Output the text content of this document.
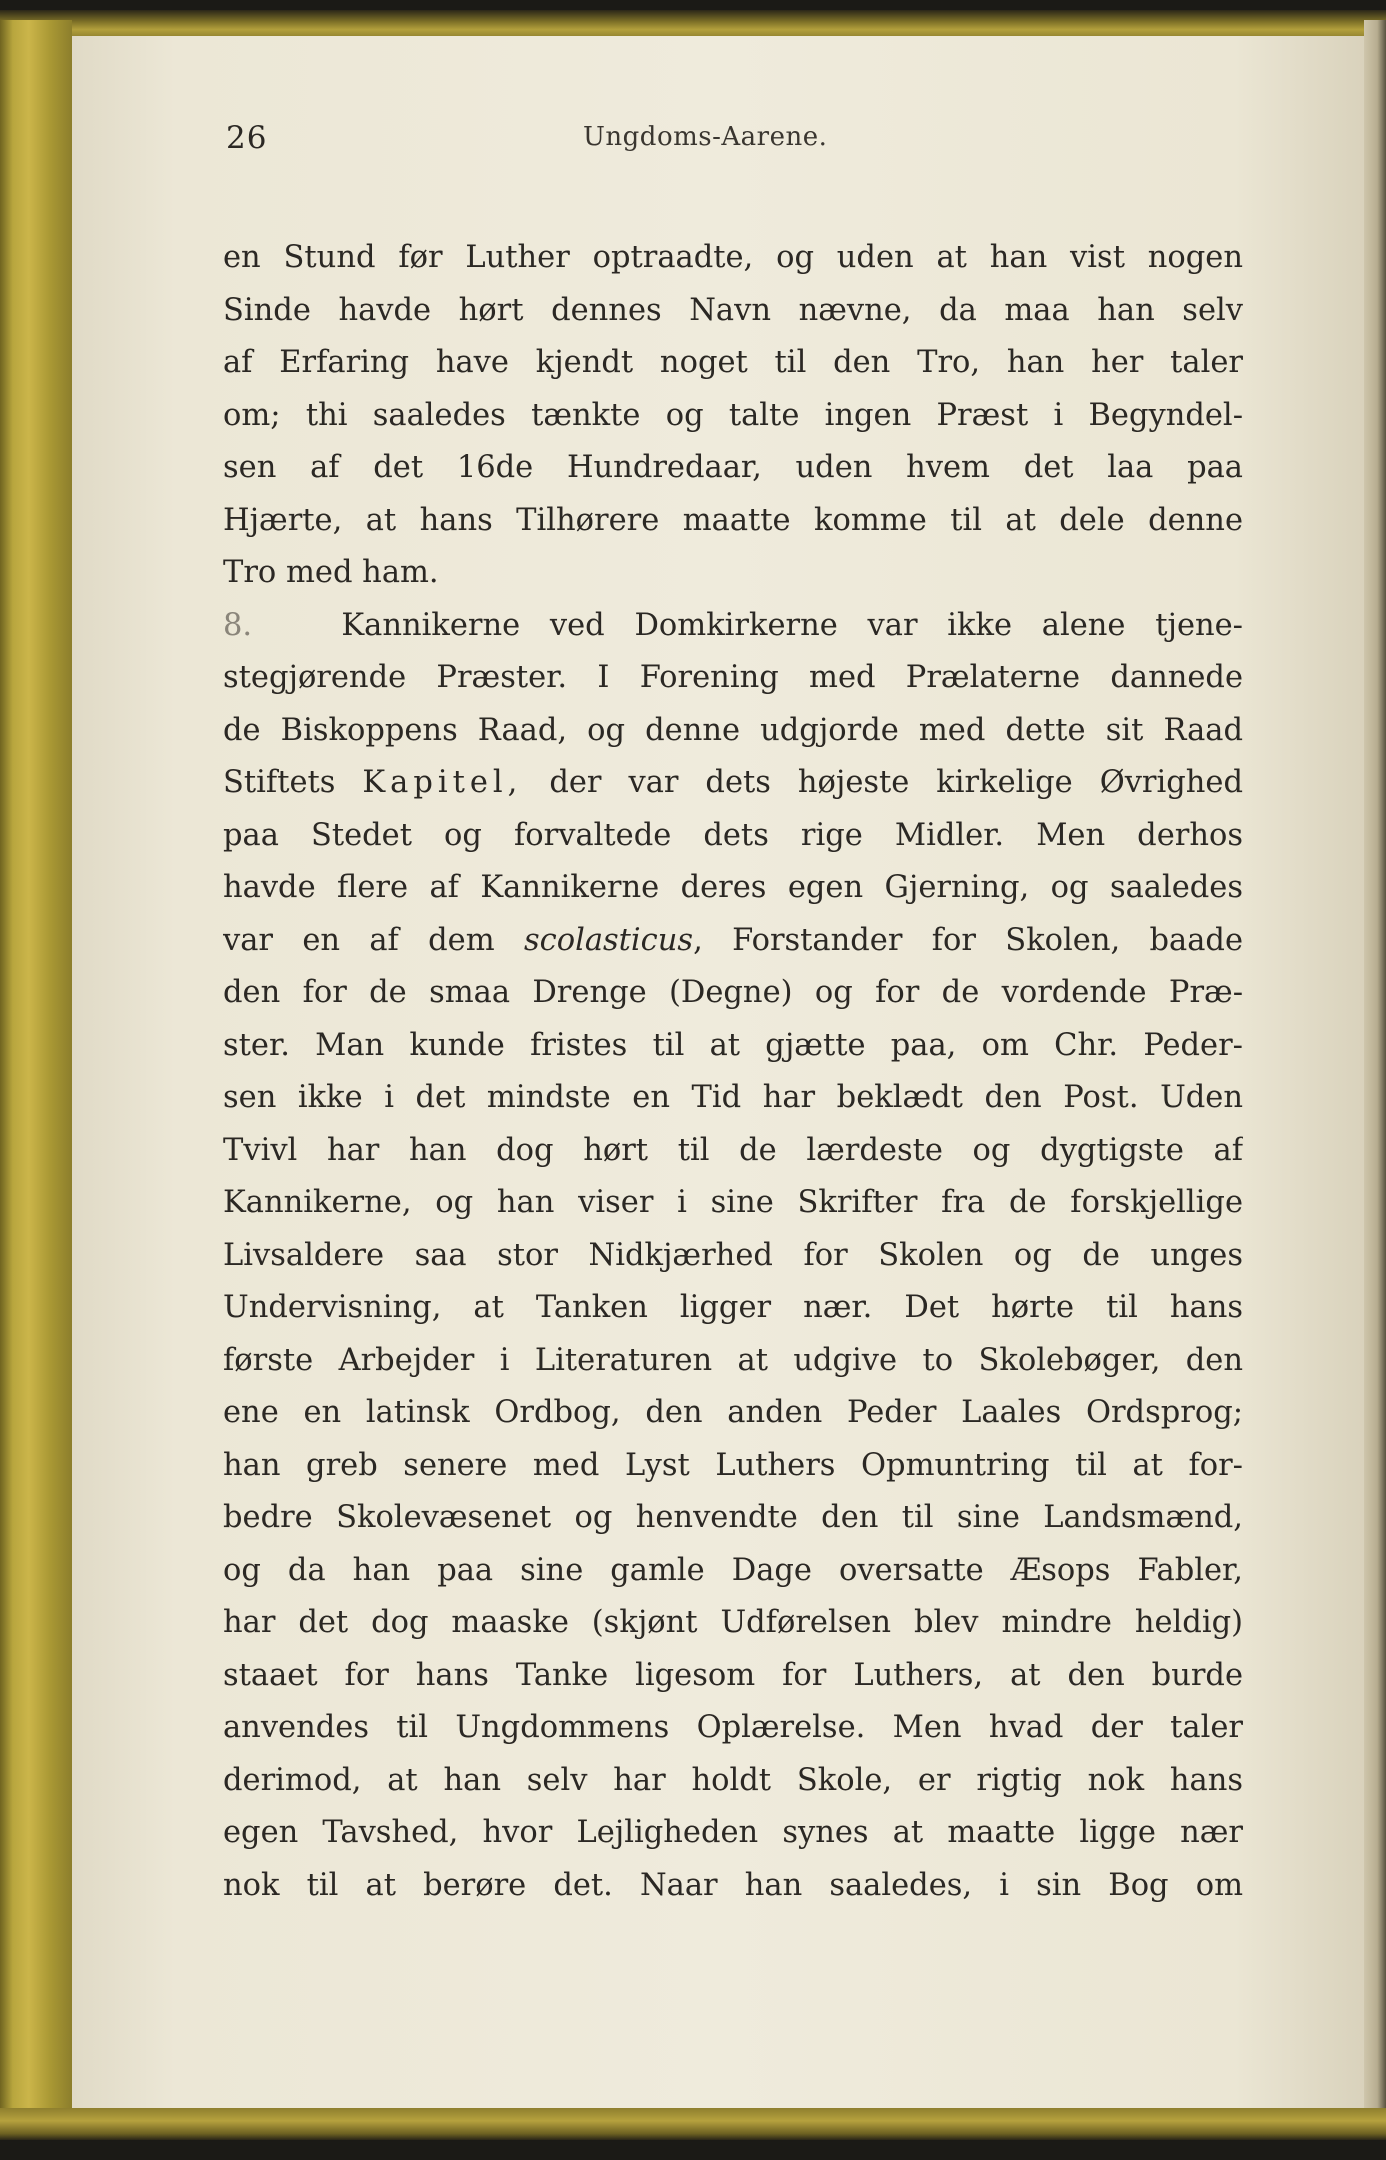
26	Ungdoms-Aarene.
en Stund før Luther optraadte, og uden at han vist nogen
Sinde havde hørt dennes Navn nævne, da maa han selv
af Erfaring have kjendt noget til den Tro, han her taler
om; thi saaledes tænkte og talte ingen Præst i Begyndel-
sen af det 16de Hundredaar, uden hvem det laa paa
Hjærte, at hans Tilhørere maatte komme til at dele denne
Tro med ham.
8.	Kannikerne ved Domkirkerne var ikke alene tjene-
stegjørende Præster. I Forening med Prælaterne dannede
de Biskoppens Raad, og denne udgjorde med dette sit Raad
Stiftets Kapitel, der var dets højeste kirkelige Øvrighed
paa Stedet og forvaltede dets rige Midler. Men derhos
havde flere af Kannikerne deres egen Gjerning, og saaledes
var en af dem scolasticus, Forstander for Skolen, baade
den for de smaa Drenge (Degne) og for de vordende Præ-
ster. Man kunde fristes til at gjætte paa, om Chr. Peder-
sen ikke i det mindste en Tid har beklædt den Post. Uden
Tvivl har han dog hørt til de lærdeste og dygtigste af
Kannikerne, og han viser i sine Skrifter fra de forskjellige
Livsaldere saa stor Nidkjærhed for Skolen og de unges
Undervisning, at Tanken ligger nær. Det hørte til hans
første Arbejder i Literaturen at udgive to Skolebøger, den
ene en latinsk Ordbog, den anden Peder Laales Ordsprog;
han greb senere med Lyst Luthers Opmuntring til at for-
bedre Skolevæsenet og henvendte den til sine Landsmænd,
og da han paa sine gamle Dage oversatte Æsops Fabler,
har det dog maaske (skjønt Udførelsen blev mindre heldig)
staaet for hans Tanke ligesom for Luthers, at den burde
anvendes til Ungdommens Oplærelse. Men hvad der taler
derimod, at han selv har holdt Skole, er rigtig nok hans
egen Tavshed, hvor Lejligheden synes at maatte ligge nær
nok til at berøre det. Naar han saaledes, i sin Bog om
